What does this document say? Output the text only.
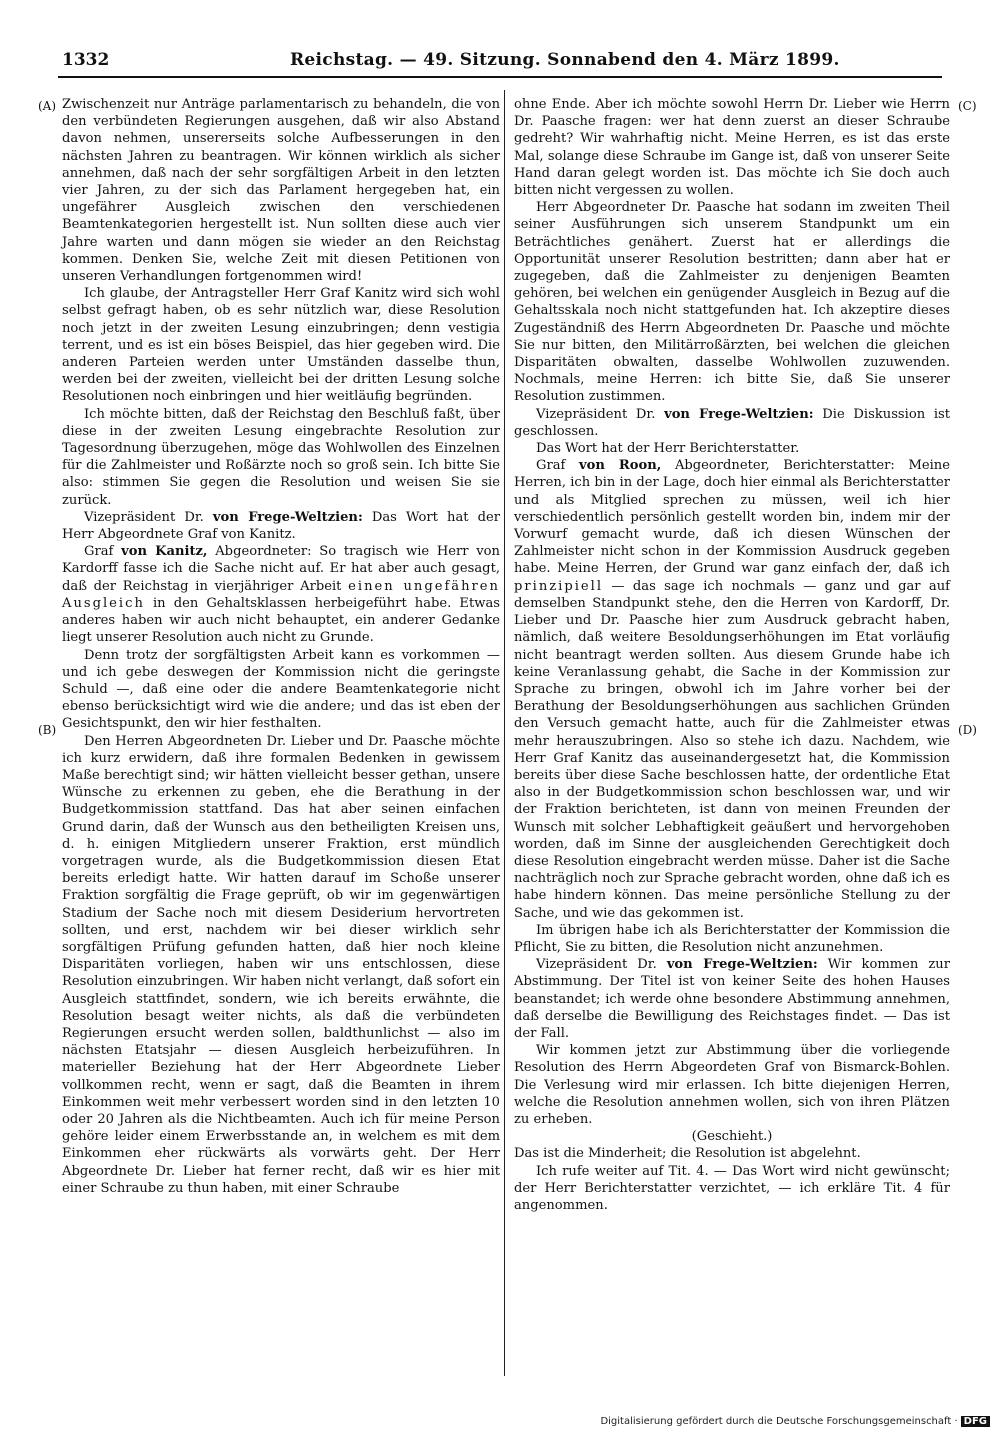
1332	Reichstag. — 49. Sitzung. Sonnabend den 4. März 1899.
(A)
(B)
(C)
(D)

Zwischenzeit nur Anträge parlamentarisch zu behandeln, die von den verbündeten Regierungen ausgehen, daß wir also Abstand davon nehmen, unsererseits solche Aufbesserungen in den nächsten Jahren zu beantragen. Wir können wirklich als sicher annehmen, daß nach der sehr sorgfältigen Arbeit in den letzten vier Jahren, zu der sich das Parlament hergegeben hat, ein ungefährer Ausgleich zwischen den verschiedenen Beamtenkategorien hergestellt ist. Nun sollten diese auch vier Jahre warten und dann mögen sie wieder an den Reichstag kommen. Denken Sie, welche Zeit mit diesen Petitionen von unseren Verhandlungen fortgenommen wird!

Ich glaube, der Antragsteller Herr Graf Kanitz wird sich wohl selbst gefragt haben, ob es sehr nützlich war, diese Resolution noch jetzt in der zweiten Lesung einzubringen; denn vestigia terrent, und es ist ein böses Beispiel, das hier gegeben wird. Die anderen Parteien werden unter Umständen dasselbe thun, werden bei der zweiten, vielleicht bei der dritten Lesung solche Resolutionen noch einbringen und hier weitläufig begründen.

Ich möchte bitten, daß der Reichstag den Beschluß faßt, über diese in der zweiten Lesung eingebrachte Resolution zur Tagesordnung überzugehen, möge das Wohlwollen des Einzelnen für die Zahlmeister und Roßärzte noch so groß sein. Ich bitte Sie also: stimmen Sie gegen die Resolution und weisen Sie sie zurück.

Vizepräsident Dr. von Frege-Weltzien: Das Wort hat der Herr Abgeordnete Graf von Kanitz.

Graf von Kanitz, Abgeordneter: So tragisch wie Herr von Kardorff fasse ich die Sache nicht auf. Er hat aber auch gesagt, daß der Reichstag in vierjähriger Arbeit einen ungefähren Ausgleich in den Gehaltsklassen herbeigeführt habe. Etwas anderes haben wir auch nicht behauptet, ein anderer Gedanke liegt unserer Resolution auch nicht zu Grunde.

Denn trotz der sorgfältigsten Arbeit kann es vorkommen — und ich gebe deswegen der Kommission nicht die geringste Schuld —, daß eine oder die andere Beamtenkategorie nicht ebenso berücksichtigt wird wie die andere; und das ist eben der Gesichtspunkt, den wir hier festhalten.

Den Herren Abgeordneten Dr. Lieber und Dr. Paasche möchte ich kurz erwidern, daß ihre formalen Bedenken in gewissem Maße berechtigt sind; wir hätten vielleicht besser gethan, unsere Wünsche zu erkennen zu geben, ehe die Berathung in der Budgetkommission stattfand. Das hat aber seinen einfachen Grund darin, daß der Wunsch aus den betheiligten Kreisen uns, d. h. einigen Mitgliedern unserer Fraktion, erst mündlich vorgetragen wurde, als die Budgetkommission diesen Etat bereits erledigt hatte. Wir hatten darauf im Schoße unserer Fraktion sorgfältig die Frage geprüft, ob wir im gegenwärtigen Stadium der Sache noch mit diesem Desiderium hervortreten sollten, und erst, nachdem wir bei dieser wirklich sehr sorgfältigen Prüfung gefunden hatten, daß hier noch kleine Disparitäten vorliegen, haben wir uns entschlossen, diese Resolution einzubringen. Wir haben nicht verlangt, daß sofort ein Ausgleich stattfindet, sondern, wie ich bereits erwähnte, die Resolution besagt weiter nichts, als daß die verbündeten Regierungen ersucht werden sollen, baldthunlichst — also im nächsten Etatsjahr — diesen Ausgleich herbeizuführen. In materieller Beziehung hat der Herr Abgeordnete Lieber vollkommen recht, wenn er sagt, daß die Beamten in ihrem Einkommen weit mehr verbessert worden sind in den letzten 10 oder 20 Jahren als die Nichtbeamten. Auch ich für meine Person gehöre leider einem Erwerbsstande an, in welchem es mit dem Einkommen eher rückwärts als vorwärts geht. Der Herr Abgeordnete Dr. Lieber hat ferner recht, daß wir es hier mit einer Schraube zu thun haben, mit einer Schraube

ohne Ende. Aber ich möchte sowohl Herrn Dr. Lieber wie Herrn Dr. Paasche fragen: wer hat denn zuerst an dieser Schraube gedreht? Wir wahrhaftig nicht. Meine Herren, es ist das erste Mal, solange diese Schraube im Gange ist, daß von unserer Seite Hand daran gelegt worden ist. Das möchte ich Sie doch auch bitten nicht vergessen zu wollen.

Herr Abgeordneter Dr. Paasche hat sodann im zweiten Theil seiner Ausführungen sich unserem Standpunkt um ein Beträchtliches genähert. Zuerst hat er allerdings die Opportunität unserer Resolution bestritten; dann aber hat er zugegeben, daß die Zahlmeister zu denjenigen Beamten gehören, bei welchen ein genügender Ausgleich in Bezug auf die Gehaltsskala noch nicht stattgefunden hat. Ich akzeptire dieses Zugeständniß des Herrn Abgeordneten Dr. Paasche und möchte Sie nur bitten, den Militärroßärzten, bei welchen die gleichen Disparitäten obwalten, dasselbe Wohlwollen zuzuwenden. Nochmals, meine Herren: ich bitte Sie, daß Sie unserer Resolution zustimmen.

Vizepräsident Dr. von Frege-Weltzien: Die Diskussion ist geschlossen.

Das Wort hat der Herr Berichterstatter.

Graf von Roon, Abgeordneter, Berichterstatter: Meine Herren, ich bin in der Lage, doch hier einmal als Berichterstatter und als Mitglied sprechen zu müssen, weil ich hier verschiedentlich persönlich gestellt worden bin, indem mir der Vorwurf gemacht wurde, daß ich diesen Wünschen der Zahlmeister nicht schon in der Kommission Ausdruck gegeben habe. Meine Herren, der Grund war ganz einfach der, daß ich prinzipiell — das sage ich nochmals — ganz und gar auf demselben Standpunkt stehe, den die Herren von Kardorff, Dr. Lieber und Dr. Paasche hier zum Ausdruck gebracht haben, nämlich, daß weitere Besoldungserhöhungen im Etat vorläufig nicht beantragt werden sollten. Aus diesem Grunde habe ich keine Veranlassung gehabt, die Sache in der Kommission zur Sprache zu bringen, obwohl ich im Jahre vorher bei der Berathung der Besoldungserhöhungen aus sachlichen Gründen den Versuch gemacht hatte, auch für die Zahlmeister etwas mehr herauszubringen. Also so stehe ich dazu. Nachdem, wie Herr Graf Kanitz das auseinandergesetzt hat, die Kommission bereits über diese Sache beschlossen hatte, der ordentliche Etat also in der Budgetkommission schon beschlossen war, und wir der Fraktion berichteten, ist dann von meinen Freunden der Wunsch mit solcher Lebhaftigkeit geäußert und hervorgehoben worden, daß im Sinne der ausgleichenden Gerechtigkeit doch diese Resolution eingebracht werden müsse. Daher ist die Sache nachträglich noch zur Sprache gebracht worden, ohne daß ich es habe hindern können. Das meine persönliche Stellung zu der Sache, und wie das gekommen ist.

Im übrigen habe ich als Berichterstatter der Kommission die Pflicht, Sie zu bitten, die Resolution nicht anzunehmen.

Vizepräsident Dr. von Frege-Weltzien: Wir kommen zur Abstimmung. Der Titel ist von keiner Seite des hohen Hauses beanstandet; ich werde ohne besondere Abstimmung annehmen, daß derselbe die Bewilligung des Reichstages findet. — Das ist der Fall.

Wir kommen jetzt zur Abstimmung über die vorliegende Resolution des Herrn Abgeordeten Graf von Bismarck-Bohlen. Die Verlesung wird mir erlassen. Ich bitte diejenigen Herren, welche die Resolution annehmen wollen, sich von ihren Plätzen zu erheben.

(Geschieht.)

Das ist die Minderheit; die Resolution ist abgelehnt.

Ich rufe weiter auf Tit. 4. — Das Wort wird nicht gewünscht; der Herr Berichterstatter verzichtet, — ich erkläre Tit. 4 für angenommen.

Digitalisierung gefördert durch die Deutsche Forschungsgemeinschaft · DFG
